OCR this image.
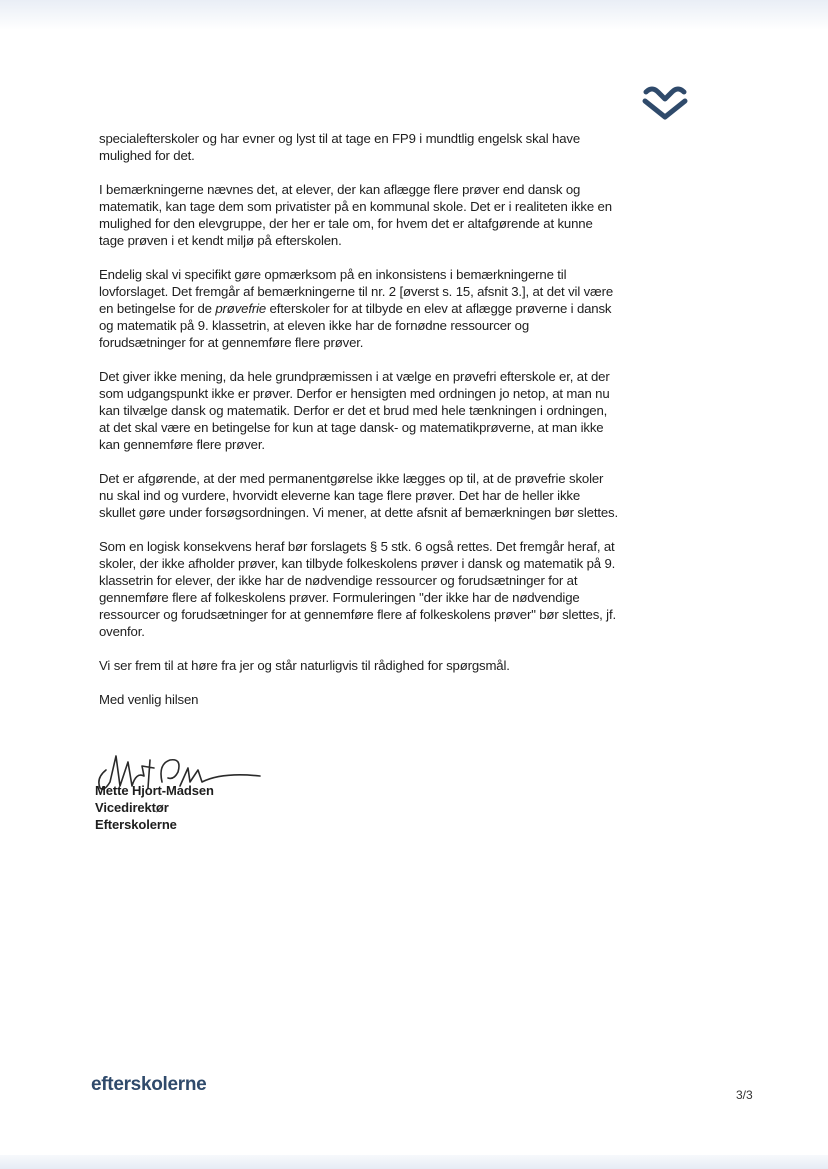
specialefterskoler og har evner og lyst til at tage en FP9 i mundtlig engelsk skal have mulighed for det.

I bemærkningerne nævnes det, at elever, der kan aflægge flere prøver end dansk og matematik, kan tage dem som privatister på en kommunal skole. Det er i realiteten ikke en mulighed for den elevgruppe, der her er tale om, for hvem det er altafgørende at kunne tage prøven i et kendt miljø på efterskolen.

Endelig skal vi specifikt gøre opmærksom på en inkonsistens i bemærkningerne til lovforslaget. Det fremgår af bemærkningerne til nr. 2 [øverst s. 15, afsnit 3.], at det vil være en betingelse for de prøvefrie efterskoler for at tilbyde en elev at aflægge prøverne i dansk og matematik på 9. klassetrin, at eleven ikke har de fornødne ressourcer og forudsætninger for at gennemføre flere prøver.

Det giver ikke mening, da hele grundpræmissen i at vælge en prøvefri efterskole er, at der som udgangspunkt ikke er prøver. Derfor er hensigten med ordningen jo netop, at man nu kan tilvælge dansk og matematik. Derfor er det et brud med hele tænkningen i ordningen, at det skal være en betingelse for kun at tage dansk- og matematikprøverne, at man ikke kan gennemføre flere prøver.

Det er afgørende, at der med permanentgørelse ikke lægges op til, at de prøvefrie skoler nu skal ind og vurdere, hvorvidt eleverne kan tage flere prøver. Det har de heller ikke skullet gøre under forsøgsordningen. Vi mener, at dette afsnit af bemærkningen bør slettes.

Som en logisk konsekvens heraf bør forslagets § 5 stk. 6 også rettes. Det fremgår heraf, at skoler, der ikke afholder prøver, kan tilbyde folkeskolens prøver i dansk og matematik på 9. klassetrin for elever, der ikke har de nødvendige ressourcer og forudsætninger for at gennemføre flere af folkeskolens prøver. Formuleringen "der ikke har de nødvendige ressourcer og forudsætninger for at gennemføre flere af folkeskolens prøver" bør slettes, jf. ovenfor.

Vi ser frem til at høre fra jer og står naturligvis til rådighed for spørgsmål.

Med venlig hilsen

Mette Hjort-Madsen
Vicedirektør
Efterskolerne
efterskolerne	3/3
